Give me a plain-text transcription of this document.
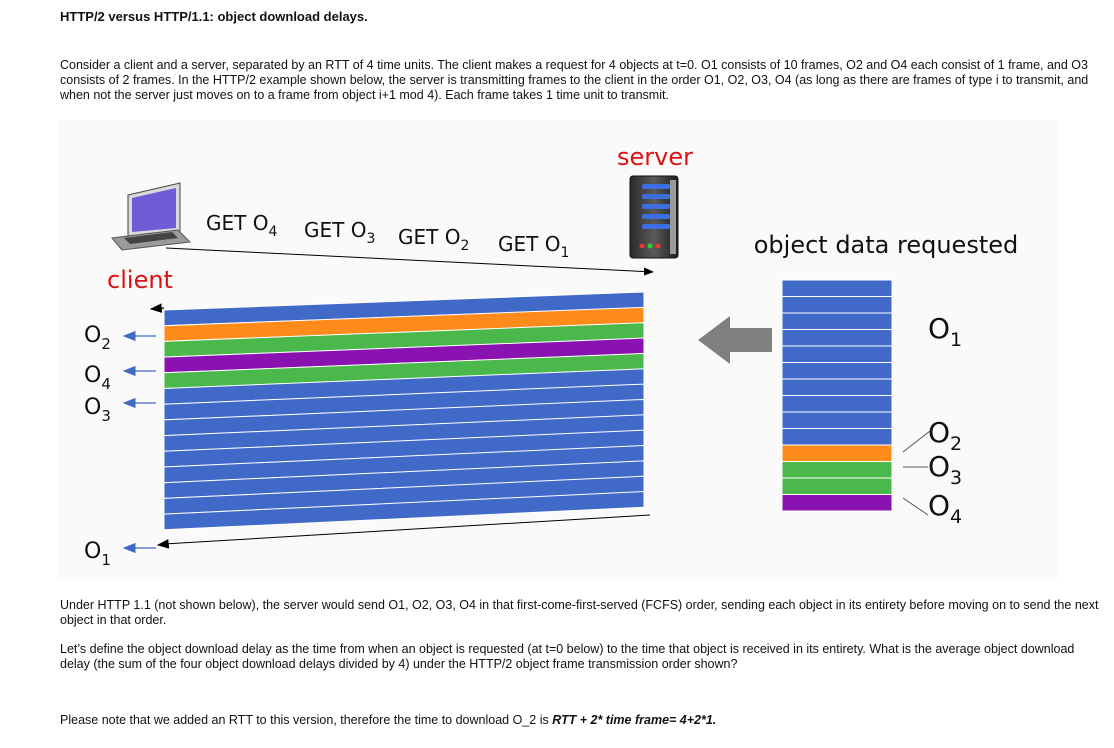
HTTP/2 versus HTTP/1.1: object download delays.
Consider a client and a server, separated by an RTT of 4 time units. The client makes a request for 4 objects at t=0. O1 consists of 10 frames, O2 and O4 each consist of 1 frame, and O3 consists of 2 frames. In the HTTP/2 example shown below, the server is transmitting frames to the client in the order O1, O2, O3, O4 (as long as there are frames of type i to transmit, and when not the server just moves on to a frame from object i+1 mod 4). Each frame takes 1 time unit to transmit.
server
client
GET $O_4$ GET $O_3$ GET $O_2$ GET $O_1$
$O_2$
$O_4$
$O_3$
$O_1$
object data requested
$O_1$
$O_2$
$O_3$
$O_4$
Under HTTP 1.1 (not shown below), the server would send O1, O2, O3, O4 in that first-come-first-served (FCFS) order, sending each object in its entirety before moving on to send the next object in that order.
Let’s define the object download delay as the time from when an object is requested (at t=0 below) to the time that object is received in its entirety. What is the average object download delay (the sum of the four object download delays divided by 4) under the HTTP/2 object frame transmission order shown?
Please note that we added an RTT to this version, therefore the time to download O_2 is RTT + 2* time frame= 4+2*1.
